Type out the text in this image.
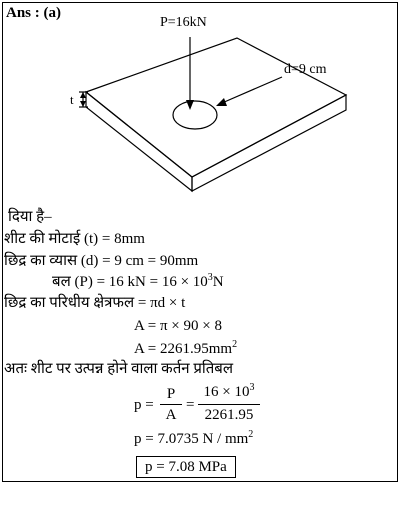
Ans : (a)
P=16kN
d=9 cm
t
दिया है–
शीट की मोटाई (t) = 8mm
छिद्र का व्यास (d) = 9 cm = 90mm
बल (P) = 16 kN = $16 \times 10^3N$
छिद्र का परिधीय क्षेत्रफल = πd × t
A = π × 90 × 8
$A = 2261.95mm^2$
अतः शीट पर उत्पन्न होने वाला कर्तन प्रतिबल
p =
P
A
=
$16 \times 10^3$
2261.95
p = 7.0735 N / $mm^2$
p = 7.08 MPa
